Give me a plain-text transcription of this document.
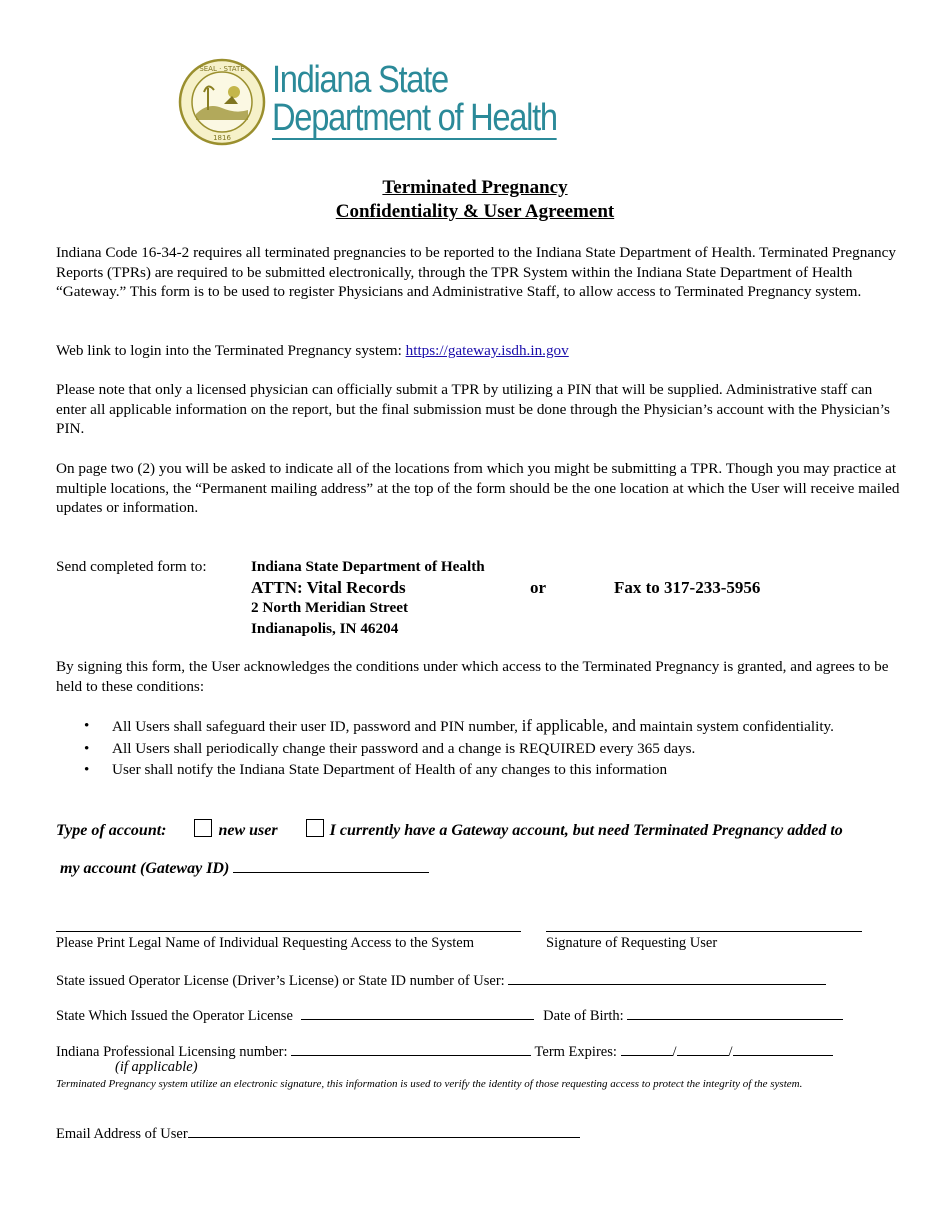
SEAL · STATE
1816
Indiana State
Department of Health
Terminated Pregnancy
Confidentiality & User Agreement
Indiana Code 16-34-2 requires all terminated pregnancies to be reported to the Indiana State Department of Health. Terminated Pregnancy Reports (TPRs) are required to be submitted electronically, through the TPR System within the Indiana State Department of Health “Gateway.” This form is to be used to register Physicians and Administrative Staff, to allow access to Terminated Pregnancy system.
Web link to login into the Terminated Pregnancy system: https://gateway.isdh.in.gov
Please note that only a licensed physician can officially submit a TPR by utilizing a PIN that will be supplied. Administrative staff can enter all applicable information on the report, but the final submission must be done through the Physician’s account with the Physician’s PIN.
On page two (2) you will be asked to indicate all of the locations from which you might be submitting a TPR. Though you may practice at multiple locations, the “Permanent mailing address” at the top of the form should be the one location at which the User will receive mailed updates or information.
Send completed form to:	Indiana State Department of Health
ATTN: Vital Records
2 North Meridian Street
Indianapolis, IN 46204
or	Fax to 317-233-5956
By signing this form, the User acknowledges the conditions under which access to the Terminated Pregnancy is granted, and agrees to be held to these conditions:
• All Users shall safeguard their user ID, password and PIN number, if applicable, and maintain system confidentiality.
• All Users shall periodically change their password and a change is REQUIRED every 365 days.
• User shall notify the Indiana State Department of Health of any changes to this information
Type of account:	new user	I currently have a Gateway account, but need Terminated Pregnancy added to
my account (Gateway ID)
Please Print Legal Name of Individual Requesting Access to the System	Signature of Requesting User
State issued Operator License (Driver’s License) or State ID number of User:
State Which Issued the Operator License	Date of Birth:
Indiana Professional Licensing number:	Term Expires:	/	/
(if applicable)
Terminated Pregnancy system utilize an electronic signature, this information is used to verify the identity of those requesting access to protect the integrity of the system.
Email Address of User
